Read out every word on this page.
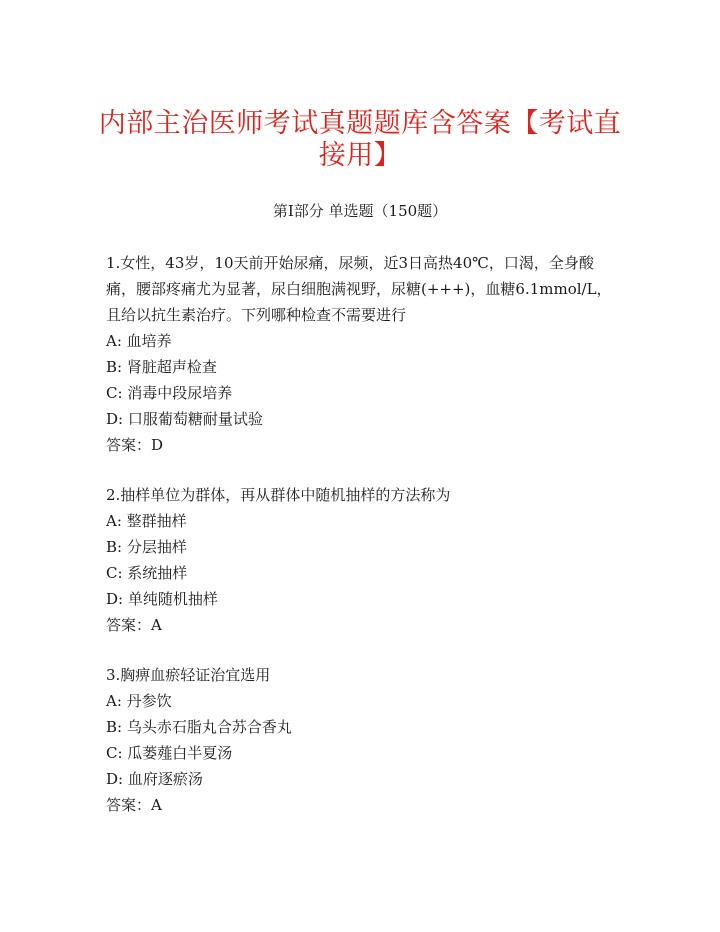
内部主治医师考试真题题库含答案【考试直接用】
第Ⅰ部分 单选题（150题）

1.女性，43岁，10天前开始尿痛，尿频，近3日高热40℃，口渴，全身酸痛，腰部疼痛尤为显著，尿白细胞满视野，尿糖(+++)，血糖6.1mmol/L，且给以抗生素治疗。下列哪种检查不需要进行

A: 血培养

B: 肾脏超声检查

C: 消毒中段尿培养

D: 口服葡萄糖耐量试验

答案：D

2.抽样单位为群体，再从群体中随机抽样的方法称为

A: 整群抽样

B: 分层抽样

C: 系统抽样

D: 单纯随机抽样

答案：A

3.胸痹血瘀轻证治宜选用

A: 丹参饮

B: 乌头赤石脂丸合苏合香丸

C: 瓜蒌薤白半夏汤

D: 血府逐瘀汤

答案：A
